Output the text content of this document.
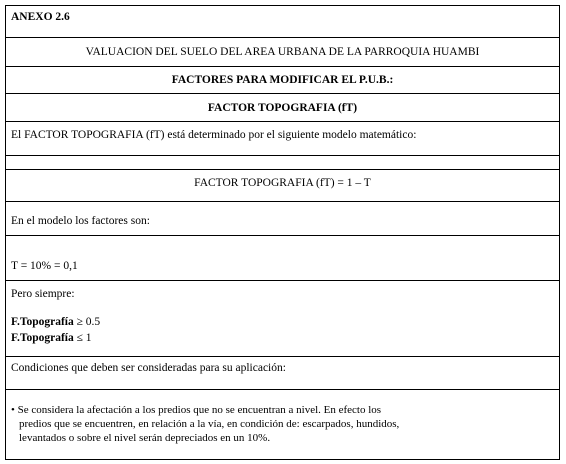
ANEXO 2.6
VALUACION DEL SUELO DEL AREA URBANA DE LA PARROQUIA HUAMBI
FACTORES PARA MODIFICAR EL P.U.B.:
FACTOR TOPOGRAFIA (fT)
El FACTOR TOPOGRAFIA (fT) está determinado por el siguiente modelo matemático:
FACTOR TOPOGRAFIA (fT) = 1 – T
En el modelo los factores son:
T = 10% = 0,1
Pero siempre:
F.Topografía ≥ 0.5
F.Topografía ≤ 1
Condiciones que deben ser consideradas para su aplicación:
• Se considera la afectación a los predios que no se encuentran a nivel. En efecto los
predios que se encuentren, en relación a la vía, en condición de: escarpados, hundidos,
levantados o sobre el nivel serán depreciados en un 10%.
